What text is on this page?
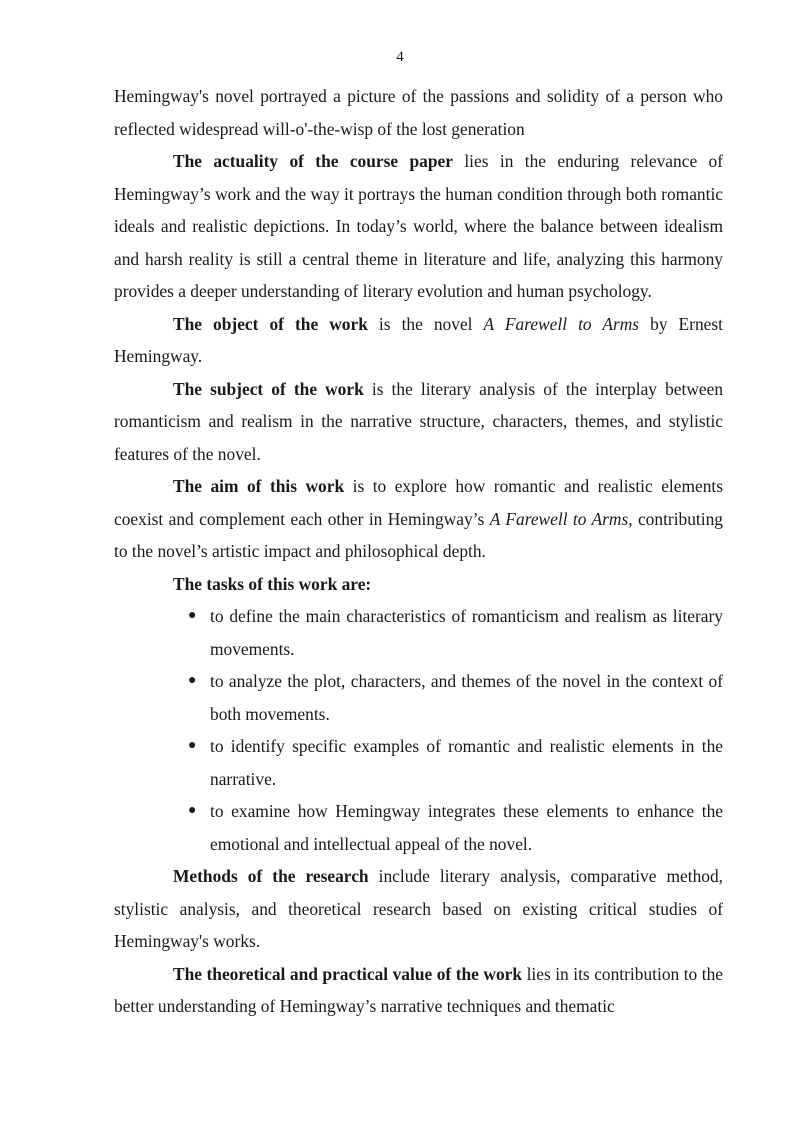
4

Hemingway's novel portrayed a picture of the passions and solidity of a person who reflected widespread will-o'-the-wisp of the lost generation

The actuality of the course paper lies in the enduring relevance of Hemingway’s work and the way it portrays the human condition through both romantic ideals and realistic depictions. In today’s world, where the balance between idealism and harsh reality is still a central theme in literature and life, analyzing this harmony provides a deeper understanding of literary evolution and human psychology.

The object of the work is the novel A Farewell to Arms by Ernest Hemingway.

The subject of the work is the literary analysis of the interplay between romanticism and realism in the narrative structure, characters, themes, and stylistic features of the novel.

The aim of this work is to explore how romantic and realistic elements coexist and complement each other in Hemingway’s A Farewell to Arms, contributing to the novel’s artistic impact and philosophical depth.

The tasks of this work are:

● to define the main characteristics of romanticism and realism as literary movements.
● to analyze the plot, characters, and themes of the novel in the context of both movements.
● to identify specific examples of romantic and realistic elements in the narrative.
● to examine how Hemingway integrates these elements to enhance the emotional and intellectual appeal of the novel.

Methods of the research include literary analysis, comparative method, stylistic analysis, and theoretical research based on existing critical studies of Hemingway's works.

The theoretical and practical value of the work lies in its contribution to the better understanding of Hemingway’s narrative techniques and thematic
